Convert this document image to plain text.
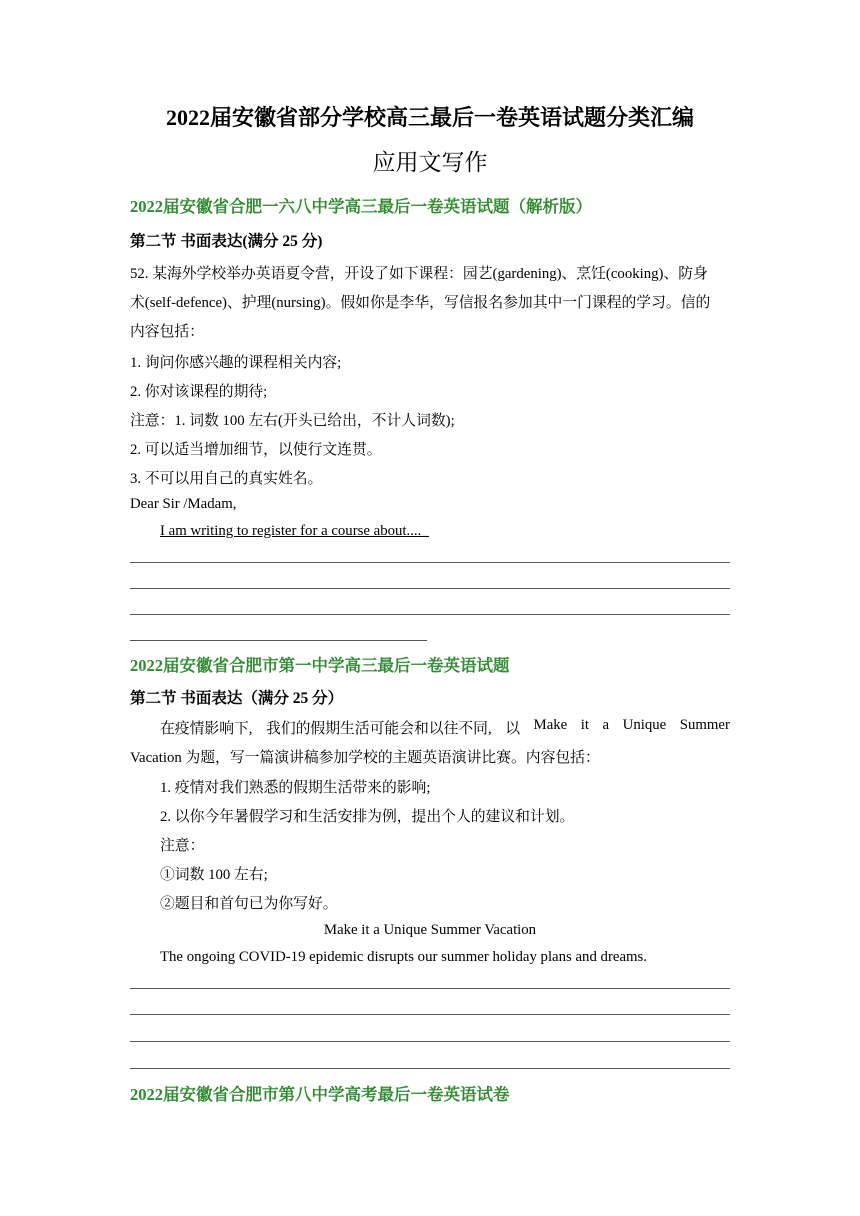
2022届安徽省部分学校高三最后一卷英语试题分类汇编
应用文写作
2022届安徽省合肥一六八中学高三最后一卷英语试题（解析版）
第二节 书面表达(满分 25 分)
52. 某海外学校举办英语夏令营，开设了如下课程：园艺(gardening)、烹饪(cooking)、防身
术(self-defence)、护理(nursing)。假如你是李华，写信报名参加其中一门课程的学习。信的
内容包括：
1. 询问你感兴趣的课程相关内容;
2. 你对该课程的期待;
注意：1. 词数 100 左右(开头已给出，不计人词数);
2. 可以适当增加细节，以使行文连贯。
3. 不可以用自己的真实姓名。
Dear Sir /Madam,
I am writing to register for a course about...._
2022届安徽省合肥市第一中学高三最后一卷英语试题
第二节 书面表达（满分 25 分）
在疫情影响下, 我们的假期生活可能会和以往不同, 以 Make it a Unique Summer
Vacation 为题，写一篇演讲稿参加学校的主题英语演讲比赛。内容包括：
1. 疫情对我们熟悉的假期生活带来的影响;
2. 以你今年暑假学习和生活安排为例，提出个人的建议和计划。
注意：
①词数 100 左右;
②题目和首句已为你写好。
Make it a Unique Summer Vacation
The ongoing COVID-19 epidemic disrupts our summer holiday plans and dreams.
2022届安徽省合肥市第八中学高考最后一卷英语试卷
